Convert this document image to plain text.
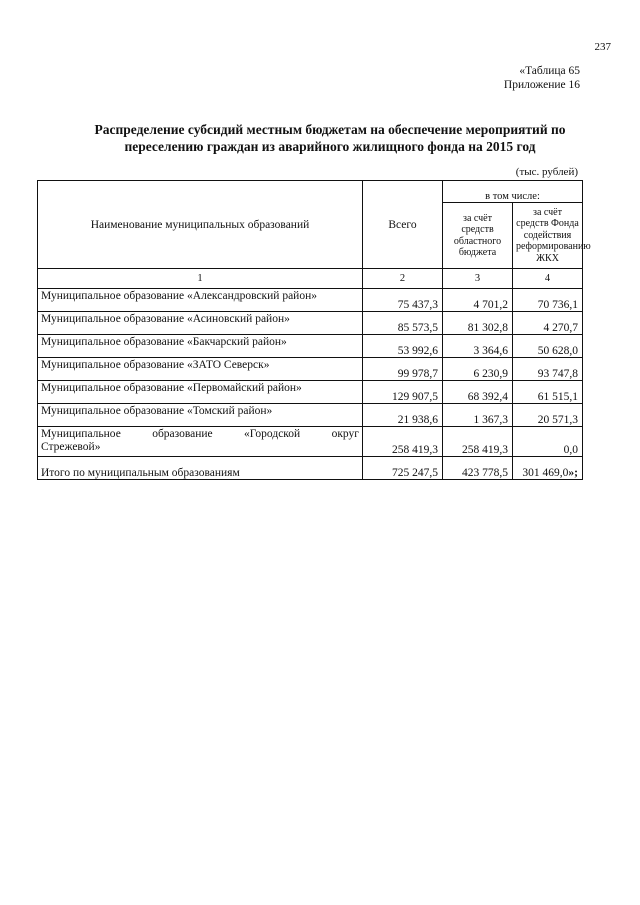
237
«Таблица 65
Приложение 16
Распределение субсидий местным бюджетам на обеспечение мероприятий по
переселению граждан из аварийного жилищного фонда на 2015 год
(тыс. рублей)
Наименование муниципальных образований	Всего	в том числе:	
		за счёт средств областного бюджета	за счёт средств Фонда содействия реформированию ЖКХ
1	2	3	4
Муниципальное образование «Александровский район»	75 437,3	4 701,2	70 736,1
Муниципальное образование «Асиновский район»	85 573,5	81 302,8	4 270,7
Муниципальное образование «Бакчарский район»	53 992,6	3 364,6	50 628,0
Муниципальное образование «ЗАТО Северск»	99 978,7	6 230,9	93 747,8
Муниципальное образование «Первомайский район»	129 907,5	68 392,4	61 515,1
Муниципальное образование «Томский район»	21 938,6	1 367,3	20 571,3

Муниципальное образование «Городской округ
Стрежевой»	258 419,3	258 419,3	0,0
Итого по муниципальным образованиям	725 247,5	423 778,5	301 469,0»;
